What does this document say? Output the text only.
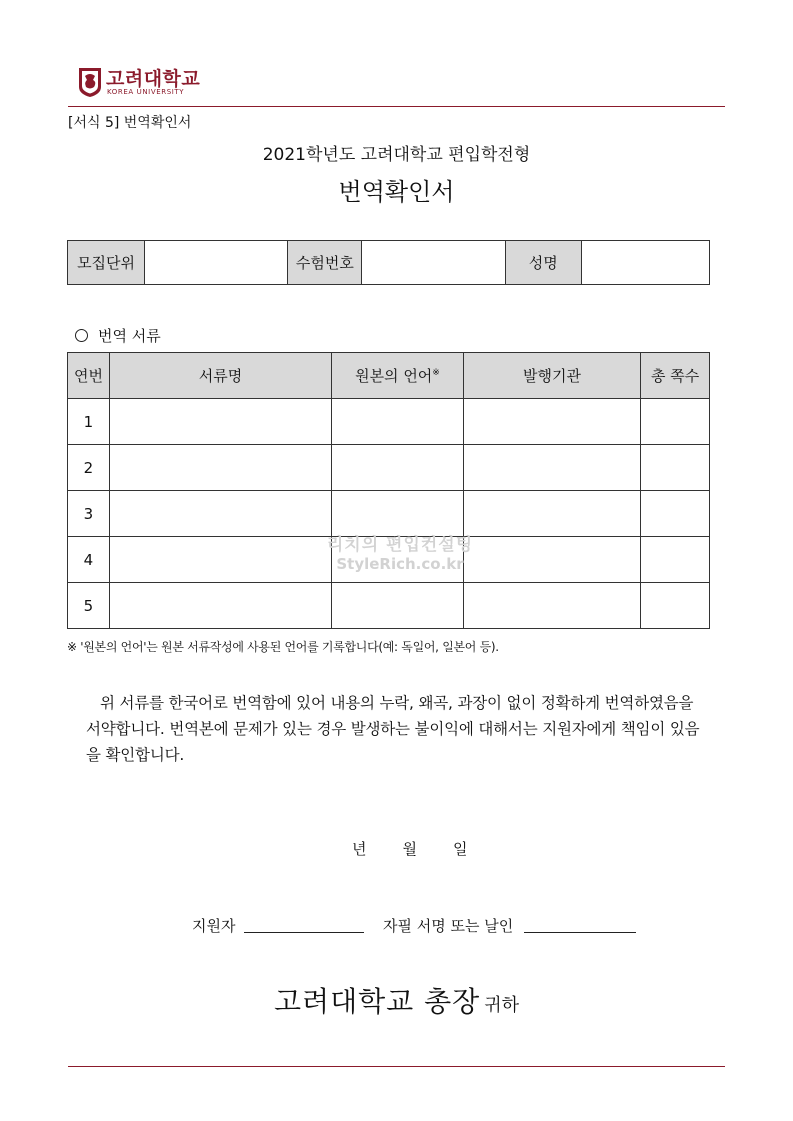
고려대학교
KOREA UNIVERSITY
[서식 5] 번역확인서
2021학년도 고려대학교 편입학전형
번역확인서
모집단위		수험번호		성명	
번역 서류
연번	서류명	원본의 언어※	발행기관	총 쪽수
1				
2				
3				
4				
5				
리치의 편입컨설팅
StyleRich.co.kr
※ '원본의 언어'는 원본 서류작성에 사용된 언어를 기록합니다(예: 독일어, 일본어 등).
위 서류를 한국어로 번역함에 있어 내용의 누락, 왜곡, 과장이 없이 정확하게 번역하였음을 서약합니다. 번역본에 문제가 있는 경우 발생하는 불이익에 대해서는 지원자에게 책임이 있음을 확인합니다.
년 월 일
지원자	자필 서명 또는 날인
고려대학교 총장 귀하
